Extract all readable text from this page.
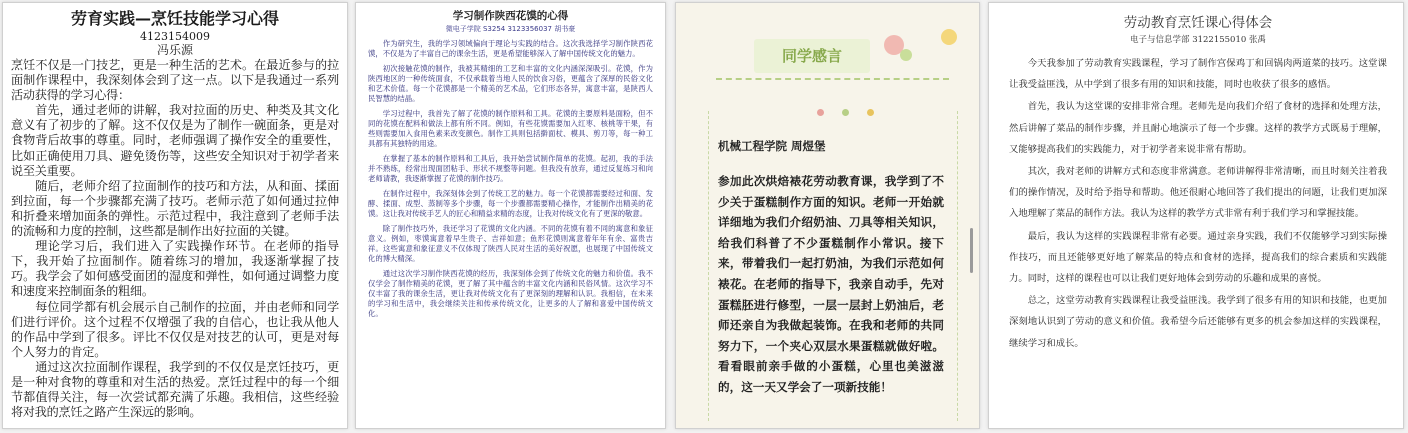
劳育实践—烹饪技能学习心得
4123154009
冯乐源

烹饪不仅是一门技艺，更是一种生活的艺术。在最近参与的拉面制作课程中，我深刻体会到了这一点。以下是我通过一系列活动获得的学习心得：

首先，通过老师的讲解，我对拉面的历史、种类及其文化意义有了初步的了解。这不仅仅是为了制作一碗面条，更是对食物背后故事的尊重。同时，老师强调了操作安全的重要性，比如正确使用刀具、避免烫伤等，这些安全知识对于初学者来说至关重要。

随后，老师介绍了拉面制作的技巧和方法，从和面、揉面到拉面，每一个步骤都充满了技巧。老师示范了如何通过拉伸和折叠来增加面条的弹性。示范过程中，我注意到了老师手法的流畅和力度的控制，这些都是制作出好拉面的关键。

理论学习后，我们进入了实践操作环节。在老师的指导下，我开始了拉面制作。随着练习的增加，我逐渐掌握了技巧。我学会了如何感受面团的湿度和弹性，如何通过调整力度和速度来控制面条的粗细。

每位同学都有机会展示自己制作的拉面，并由老师和同学们进行评价。这个过程不仅增强了我的自信心，也让我从他人的作品中学到了很多。评比不仅仅是对技艺的认可，更是对每个人努力的肯定。

通过这次拉面制作课程，我学到的不仅仅是烹饪技巧，更是一种对食物的尊重和对生活的热爱。烹饪过程中的每一个细节都值得关注，每一次尝试都充满了乐趣。我相信，这些经验将对我的烹饪之路产生深远的影响。

学习制作陕西花馍的心得
微电子学院 S3254 3123356037 胡书豪

作为研究生，我的学习领域偏向于理论与实践的结合。这次我选择学习制作陕西花馍，不仅是为了丰富自己的课余生活，更是希望能够深入了解中国传统文化的魅力。

初次接触花馍的制作，我被其精细的工艺和丰富的文化内涵深深吸引。花馍，作为陕西地区的一种传统面食，不仅承载着当地人民的饮食习俗，更蕴含了深厚的民俗文化和艺术价值。每一个花馍都是一个精美的艺术品，它们形态各异，寓意丰富，是陕西人民智慧的结晶。

学习过程中，我首先了解了花馍的制作原料和工具。花馍的主要原料是面粉，但不同的花馍在配料和做法上都有所不同。例如，有些花馍需要加入红枣、核桃等干果，有些则需要加入食用色素来改变颜色。制作工具则包括擀面杖、模具、剪刀等，每一种工具都有其独特的用途。

在掌握了基本的制作原料和工具后，我开始尝试制作简单的花馍。起初，我的手法并不熟练，经常出现面团粘手、形状不规整等问题。但我没有放弃，通过反复练习和向老师请教，我逐渐掌握了花馍的制作技巧。

在制作过程中，我深刻体会到了传统工艺的魅力。每一个花馍都需要经过和面、发酵、揉面、成型、蒸制等多个步骤，每一个步骤都需要精心操作，才能制作出精美的花馍。这让我对传统手艺人的匠心和精益求精的态度，让我对传统文化有了更深的敬意。

除了制作技巧外，我还学习了花馍的文化内涵。不同的花馍有着不同的寓意和象征意义。例如，枣馍寓意着早生贵子、吉祥如意；鱼形花馍则寓意着年年有余、富贵吉祥。这些寓意和象征意义不仅体现了陕西人民对生活的美好祝愿，也展现了中国传统文化的博大精深。

通过这次学习制作陕西花馍的经历，我深刻体会到了传统文化的魅力和价值。我不仅学会了制作精美的花馍，更了解了其中蕴含的丰富文化内涵和民俗风情。这次学习不仅丰富了我的课余生活，更让我对传统文化有了更深刻的理解和认识。我相信，在未来的学习和生活中，我会继续关注和传承传统文化，让更多的人了解和喜爱中国传统文化。

同学感言
机械工程学院 周煜堡
参加此次烘焙裱花劳动教育课，我学到了不少关于蛋糕制作方面的知识。老师一开始就详细地为我们介绍奶油、刀具等相关知识，给我们科普了不少蛋糕制作小常识。接下来，带着我们一起打奶油，为我们示范如何裱花。在老师的指导下，我亲自动手，先对蛋糕胚进行修型，一层一层封上奶油后，老师还亲自为我做起装饰。在我和老师的共同努力下，一个夹心双层水果蛋糕就做好啦。看看眼前亲手做的小蛋糕，心里也美滋滋的，这一天又学会了一项新技能！
劳动教育烹饪课心得体会
电子与信息学部 3122155010 张禹

今天我参加了劳动教育实践课程，学习了制作宫保鸡丁和回锅肉两道菜的技巧。这堂课让我受益匪浅，从中学到了很多有用的知识和技能，同时也收获了很多的感悟。

首先，我认为这堂课的安排非常合理。老师先是向我们介绍了食材的选择和处理方法，然后讲解了菜品的制作步骤，并且耐心地演示了每一个步骤。这样的教学方式既易于理解，又能够提高我们的实践能力，对于初学者来说非常有帮助。

其次，我对老师的讲解方式和态度非常满意。老师讲解得非常清晰，而且时刻关注着我们的操作情况，及时给予指导和帮助。他还很耐心地回答了我们提出的问题，让我们更加深入地理解了菜品的制作方法。我认为这样的教学方式非常有利于我们学习和掌握技能。

最后，我认为这样的实践课程非常有必要。通过亲身实践，我们不仅能够学习到实际操作技巧，而且还能够更好地了解菜品的特点和食材的选择，提高我们的综合素质和实践能力。同时，这样的课程也可以让我们更好地体会到劳动的乐趣和成果的喜悦。

总之，这堂劳动教育实践课程让我受益匪浅。我学到了很多有用的知识和技能，也更加深刻地认识到了劳动的意义和价值。我希望今后还能够有更多的机会参加这样的实践课程，继续学习和成长。
